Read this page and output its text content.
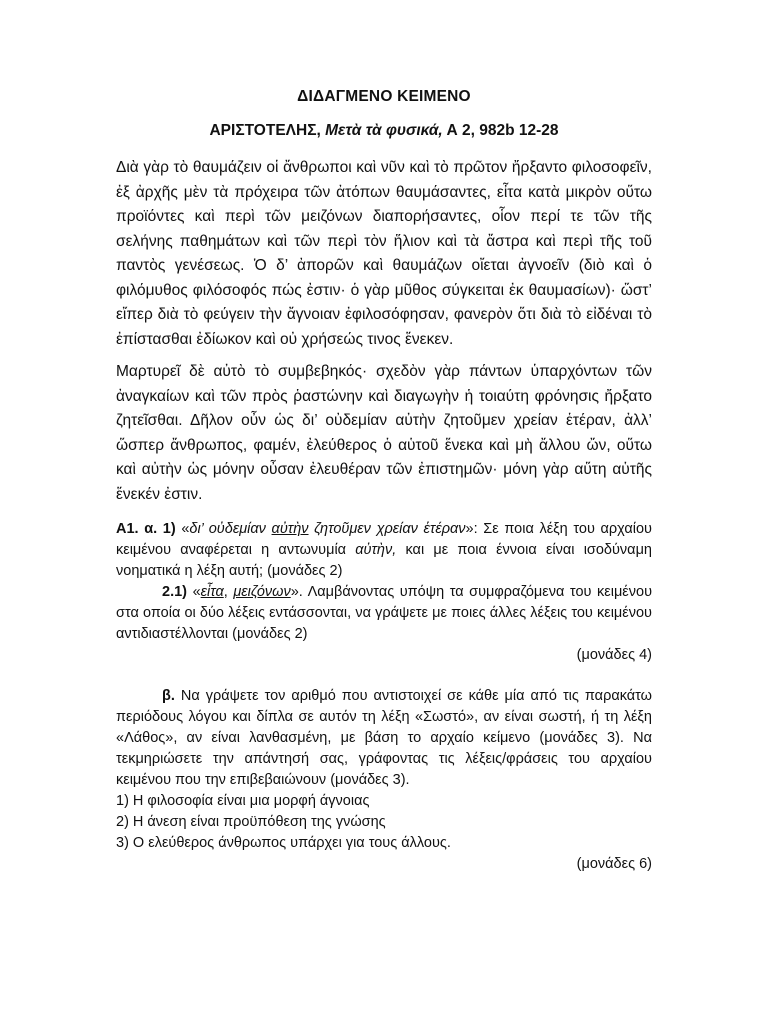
ΔΙΔΑΓΜΕΝΟ ΚΕΙΜΕΝΟ

ΑΡΙΣΤΟΤΕΛΗΣ, Μετὰ τὰ φυσικά, Α 2, 982b 12-28

Διὰ γὰρ τὸ θαυμάζειν οἱ ἄνθρωποι καὶ νῦν καὶ τὸ πρῶτον ἤρξαντο φιλοσοφεῖν, ἐξ ἀρχῆς μὲν τὰ πρόχειρα τῶν ἀτόπων θαυμάσαντες, εἶτα κατὰ μικρὸν οὕτω προϊόντες καὶ περὶ τῶν μειζόνων διαπορήσαντες, οἷον περί τε τῶν τῆς σελήνης παθημάτων καὶ τῶν περὶ τὸν ἥλιον καὶ τὰ ἄστρα καὶ περὶ τῆς τοῦ παντὸς γενέσεως. Ὁ δ’ ἀπορῶν καὶ θαυμάζων οἴεται ἀγνοεῖν (διὸ καὶ ὁ φιλόμυθος φιλόσοφός πώς ἐστιν· ὁ γὰρ μῦθος σύγκειται ἐκ θαυμασίων)· ὥστ’ εἴπερ διὰ τὸ φεύγειν τὴν ἄγνοιαν ἐφιλοσόφησαν, φανερὸν ὅτι διὰ τὸ εἰδέναι τὸ ἐπίστασθαι ἐδίωκον καὶ οὐ χρήσεώς τινος ἕνεκεν.

Μαρτυρεῖ δὲ αὐτὸ τὸ συμβεβηκός· σχεδὸν γὰρ πάντων ὑπαρχόντων τῶν ἀναγκαίων καὶ τῶν πρὸς ῥαστώνην καὶ διαγωγὴν ἡ τοιαύτη φρόνησις ἤρξατο ζητεῖσθαι. Δῆλον οὖν ὡς δι’ οὐδεμίαν αὐτὴν ζητοῦμεν χρείαν ἑτέραν, ἀλλ’ ὥσπερ ἄνθρωπος, φαμέν, ἐλεύθερος ὁ αὑτοῦ ἕνεκα καὶ μὴ ἄλλου ὤν, οὕτω καὶ αὐτὴν ὡς μόνην οὖσαν ἐλευθέραν τῶν ἐπιστημῶν· μόνη γὰρ αὕτη αὑτῆς ἕνεκέν ἐστιν.

Α1. α. 1) «δι’ οὐδεμίαν αὐτὴν ζητοῦμεν χρείαν ἑτέραν»: Σε ποια λέξη του αρχαίου κειμένου αναφέρεται η αντωνυμία αὐτὴν, και με ποια έννοια είναι ισοδύναμη νοηματικά η λέξη αυτή; (μονάδες 2)

2.1) «εἶτα, μειζόνων». Λαμβάνοντας υπόψη τα συμφραζόμενα του κειμένου στα οποία οι δύο λέξεις εντάσσονται, να γράψετε με ποιες άλλες λέξεις του κειμένου αντιδιαστέλλονται (μονάδες 2)

(μονάδες 4)

β. Να γράψετε τον αριθμό που αντιστοιχεί σε κάθε μία από τις παρακάτω περιόδους λόγου και δίπλα σε αυτόν τη λέξη «Σωστό», αν είναι σωστή, ή τη λέξη «Λάθος», αν είναι λανθασμένη, με βάση το αρχαίο κείμενο (μονάδες 3). Να τεκμηριώσετε την απάντησή σας, γράφοντας τις λέξεις/φράσεις του αρχαίου κειμένου που την επιβεβαιώνουν (μονάδες 3).

1) Η φιλοσοφία είναι μια μορφή άγνοιας

2) Η άνεση είναι προϋπόθεση της γνώσης

3) Ο ελεύθερος άνθρωπος υπάρχει για τους άλλους.

(μονάδες 6)
